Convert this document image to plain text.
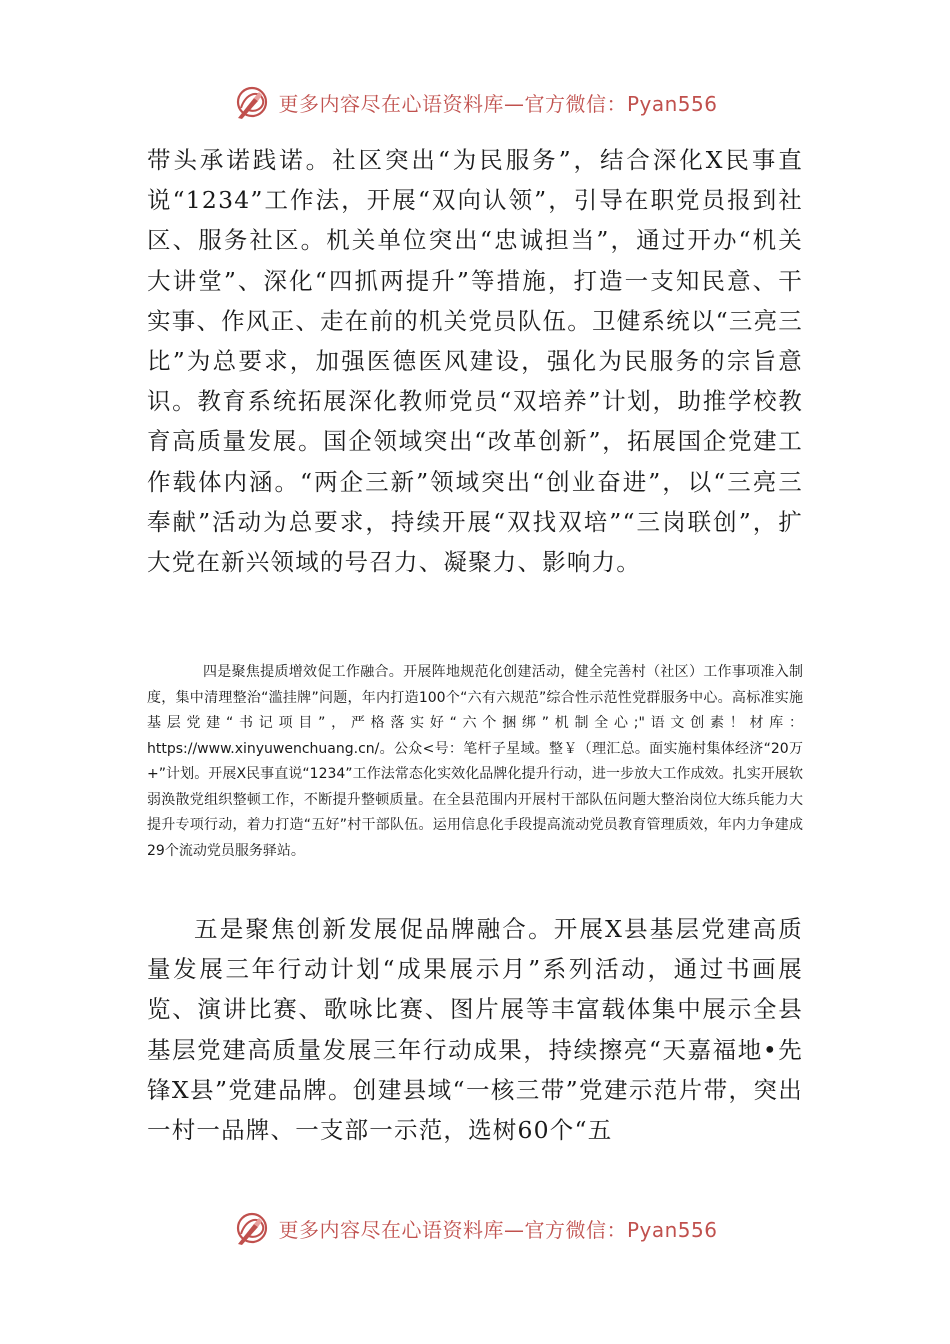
更多内容尽在心语资料库—官方微信：Pyan556

带头承诺践诺。社区突出“为民服务”，结合深化X民事直说“1234”工作法，开展“双向认领”，引导在职党员报到社区、服务社区。机关单位突出“忠诚担当”，通过开办“机关大讲堂”、深化“四抓两提升”等措施，打造一支知民意、干实事、作风正、走在前的机关党员队伍。卫健系统以“三亮三比”为总要求，加强医德医风建设，强化为民服务的宗旨意识。教育系统拓展深化教师党员“双培养”计划，助推学校教育高质量发展。国企领域突出“改革创新”，拓展国企党建工作载体内涵。“两企三新”领域突出“创业奋进”，以“三亮三奉献”活动为总要求，持续开展“双找双培”“三岗联创”，扩大党在新兴领域的号召力、凝聚力、影响力。

四是聚焦提质增效促工作融合。开展阵地规范化创建活动，健全完善村（社区）工作事项准入制度，集中清理整治“滥挂牌”问题，年内打造100个“六有六规范”综合性示范性党群服务中心。高标准实施基层党建“书记项目”，严格落实好“六个捆绑”机制全心;"语文创素！材库：https://www.xinyuwenchuang.cn/。公众<号：笔杆子星域。整￥（理汇总。面实施村集体经济“20万+”计划。开展X民事直说“1234”工作法常态化实效化品牌化提升行动，进一步放大工作成效。扎实开展软弱涣散党组织整顿工作，不断提升整顿质量。在全县范围内开展村干部队伍问题大整治岗位大练兵能力大提升专项行动，着力打造“五好”村干部队伍。运用信息化手段提高流动党员教育管理质效，年内力争建成29个流动党员服务驿站。

五是聚焦创新发展促品牌融合。开展X县基层党建高质量发展三年行动计划“成果展示月”系列活动，通过书画展览、演讲比赛、歌咏比赛、图片展等丰富载体集中展示全县基层党建高质量发展三年行动成果，持续擦亮“天嘉福地•先锋X县”党建品牌。创建县域“一核三带”党建示范片带，突出一村一品牌、一支部一示范，选树60个“五

更多内容尽在心语资料库—官方微信：Pyan556
